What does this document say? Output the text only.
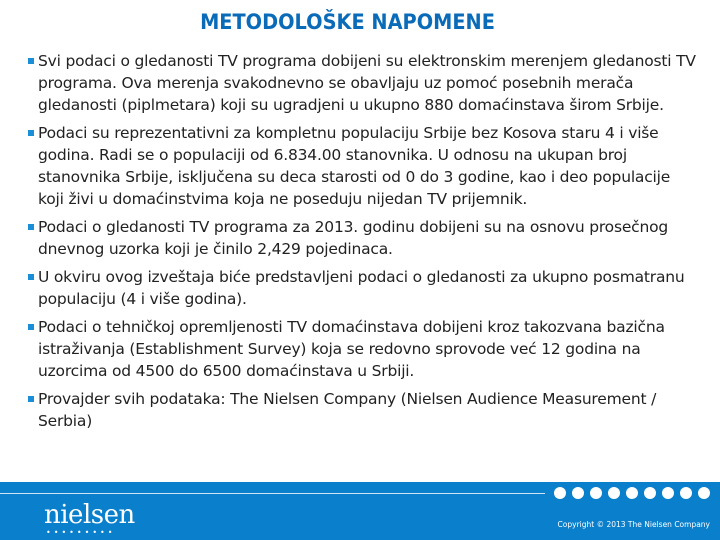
METODOLOŠKE NAPOMENE
Svi podaci o gledanosti TV programa dobijeni su elektronskim merenjem gledanosti TV programa. Ova merenja svakodnevno se obavljaju uz pomoć posebnih merača gledanosti (piplmetara) koji su ugradjeni u ukupno 880 domaćinstava širom Srbije.
Podaci su reprezentativni za kompletnu populaciju Srbije bez Kosova staru 4 i više godina. Radi se o populaciji od 6.834.00 stanovnika. U odnosu na ukupan broj stanovnika Srbije, isključena su deca starosti od 0 do 3 godine, kao i deo populacije koji živi u domaćinstvima koja ne poseduju nijedan TV prijemnik.
Podaci o gledanosti TV programa za 2013. godinu dobijeni su na osnovu prosečnog dnevnog uzorka koji je činilo 2,429 pojedinaca.
U okviru ovog izveštaja biće predstavljeni podaci o gledanosti za ukupno posmatranu populaciju (4 i više godina).
Podaci o tehničkoj opremljenosti TV domaćinstava dobijeni kroz takozvana bazična istraživanja (Establishment Survey) koja se redovno sprovode već 12 godina na uzorcima od 4500 do 6500 domaćinstava u Srbiji.
Provajder svih podataka: The Nielsen Company (Nielsen Audience Measurement / Serbia)
nielsen
•••••••••
Copyright © 2013 The Nielsen Company
